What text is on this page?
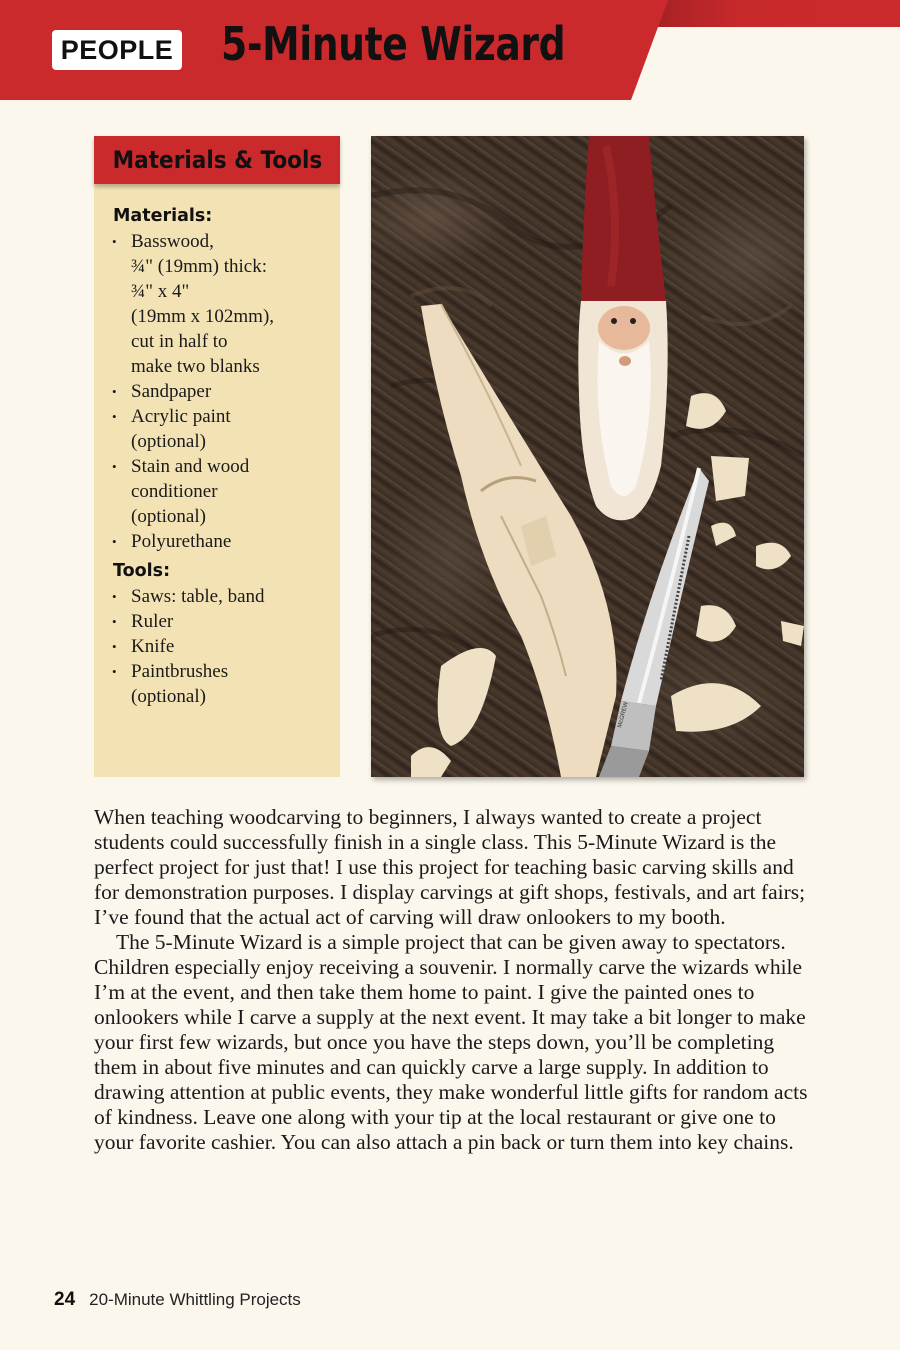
PEOPLE 5-Minute Wizard
Materials & Tools
Materials:
• Basswood,
¾" (19mm) thick:
¾" x 4"
(19mm x 102mm),
cut in half to
make two blanks
• Sandpaper
• Acrylic paint
(optional)
• Stain and wood
conditioner
(optional)
• Polyurethane
Tools:
• Saws: table, band
• Ruler
• Knife
• Paintbrushes
(optional)
McGREW

When teaching woodcarving to beginners, I always wanted to create a project students could successfully finish in a single class. This 5-Minute Wizard is the perfect project for just that! I use this project for teaching basic carving skills and for demonstration purposes. I display carvings at gift shops, festivals, and art fairs; I’ve found that the actual act of carving will draw onlookers to my booth.

The 5-Minute Wizard is a simple project that can be given away to spectators. Children especially enjoy receiving a souvenir. I normally carve the wizards while I’m at the event, and then take them home to paint. I give the painted ones to onlookers while I carve a supply at the next event. It may take a bit longer to make your first few wizards, but once you have the steps down, you’ll be completing them in about five minutes and can quickly carve a large supply. In addition to drawing attention at public events, they make wonderful little gifts for random acts of kindness. Leave one along with your tip at the local restaurant or give one to your favorite cashier. You can also attach a pin back or turn them into key chains.

24 20-Minute Whittling Projects
